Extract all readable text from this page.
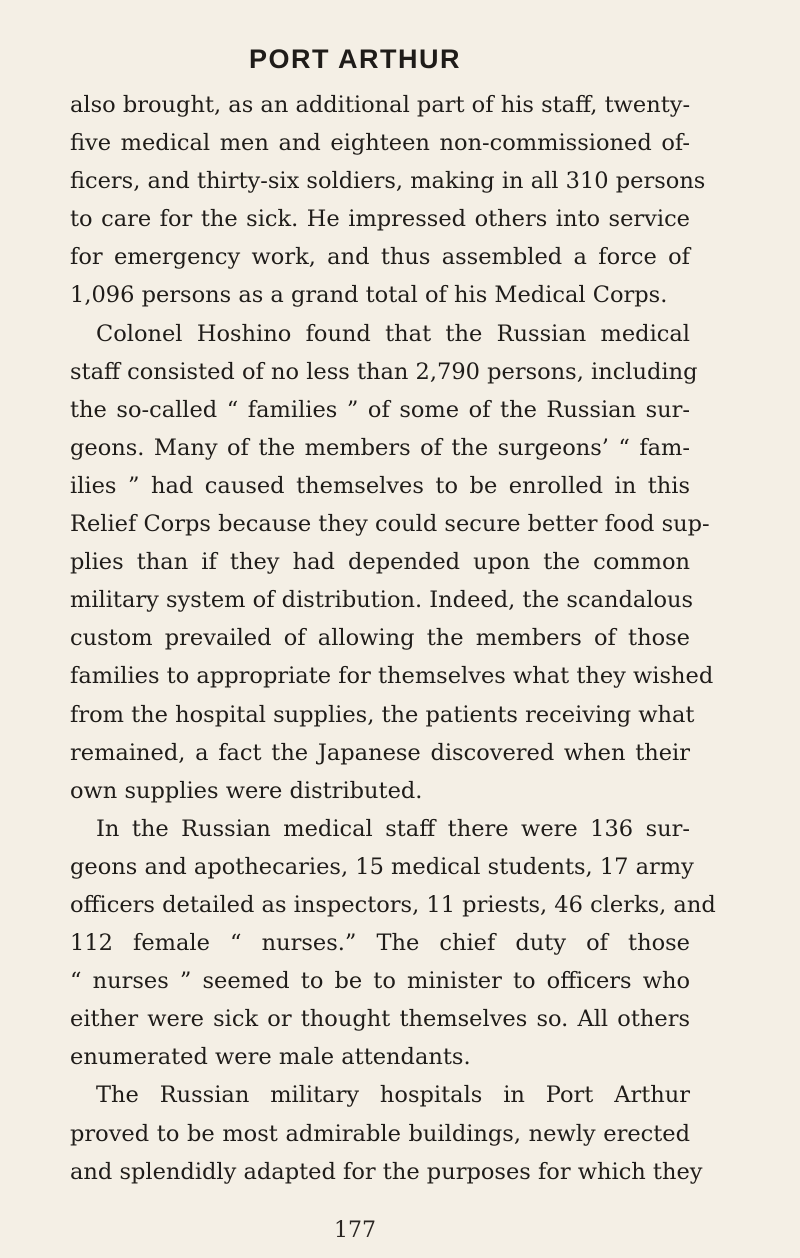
PORT ARTHUR
also brought, as an additional part of his staff, twenty-
five medical men and eighteen non-commissioned of-
ficers, and thirty-six soldiers, making in all 310 persons
to care for the sick. He impressed others into service
for emergency work, and thus assembled a force of
1,096 persons as a grand total of his Medical Corps.
Colonel Hoshino found that the Russian medical
staff consisted of no less than 2,790 persons, including
the so-called “ families ” of some of the Russian sur-
geons. Many of the members of the surgeons’ “ fam-
ilies ” had caused themselves to be enrolled in this
Relief Corps because they could secure better food sup-
plies than if they had depended upon the common
military system of distribution. Indeed, the scandalous
custom prevailed of allowing the members of those
families to appropriate for themselves what they wished
from the hospital supplies, the patients receiving what
remained, a fact the Japanese discovered when their
own supplies were distributed.
In the Russian medical staff there were 136 sur-
geons and apothecaries, 15 medical students, 17 army
officers detailed as inspectors, 11 priests, 46 clerks, and
112 female “ nurses.” The chief duty of those
“ nurses ” seemed to be to minister to officers who
either were sick or thought themselves so. All others
enumerated were male attendants.
The Russian military hospitals in Port Arthur
proved to be most admirable buildings, newly erected
and splendidly adapted for the purposes for which they
177
